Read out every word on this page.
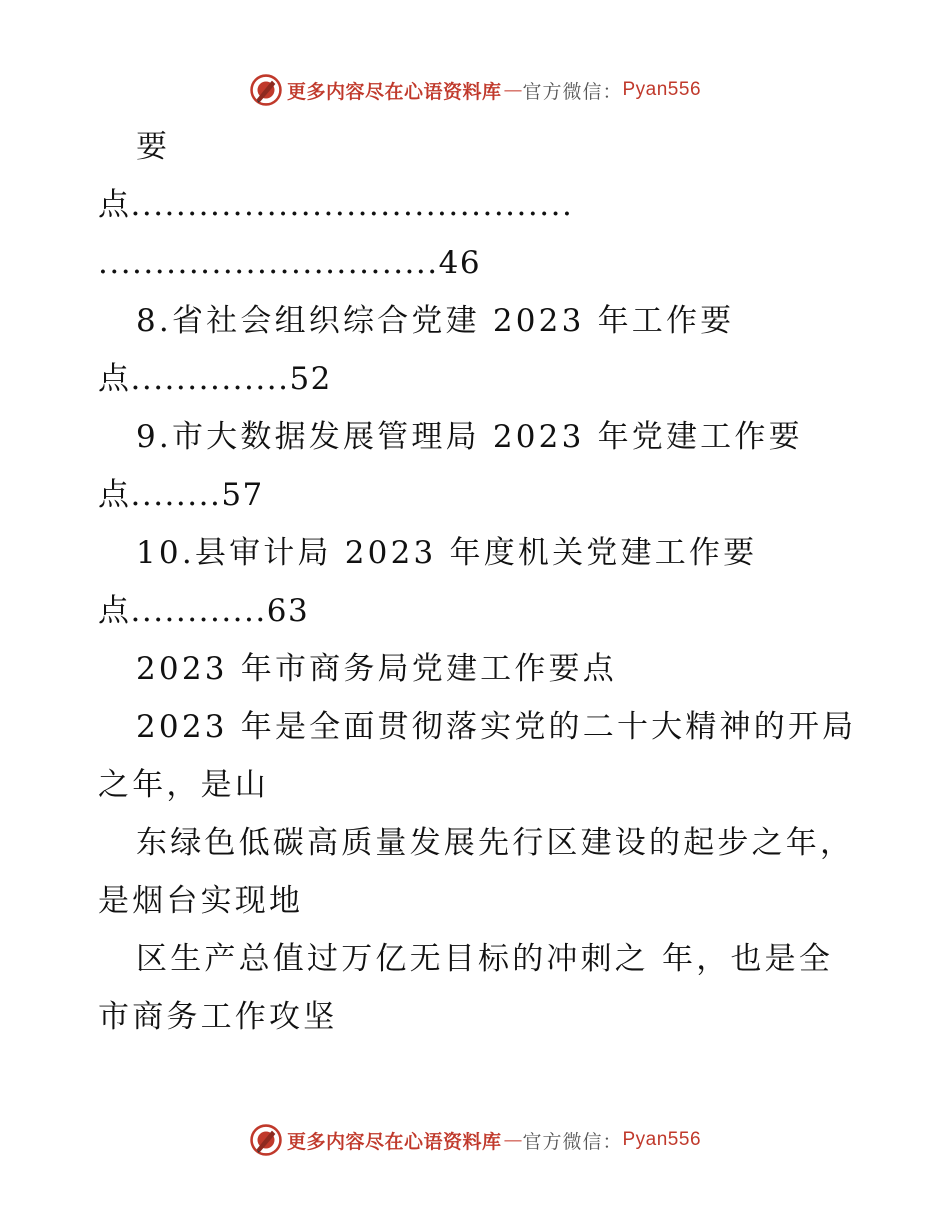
更多内容尽在心语资料库 — 官方微信： Pyan556
要
点.......................................
..............................46
8.省社会组织综合党建 2023 年工作要
点..............52
9.市大数据发展管理局 2023 年党建工作要
点........57
10.县审计局 2023 年度机关党建工作要
点............63
2023 年市商务局党建工作要点
2023 年是全面贯彻落实党的二十大精神的开局
之年，是山
东绿色低碳高质量发展先行区建设的起步之年，
是烟台实现地
区生产总值过万亿无目标的冲刺之 年，也是全
市商务工作攻坚
更多内容尽在心语资料库 — 官方微信： Pyan556
